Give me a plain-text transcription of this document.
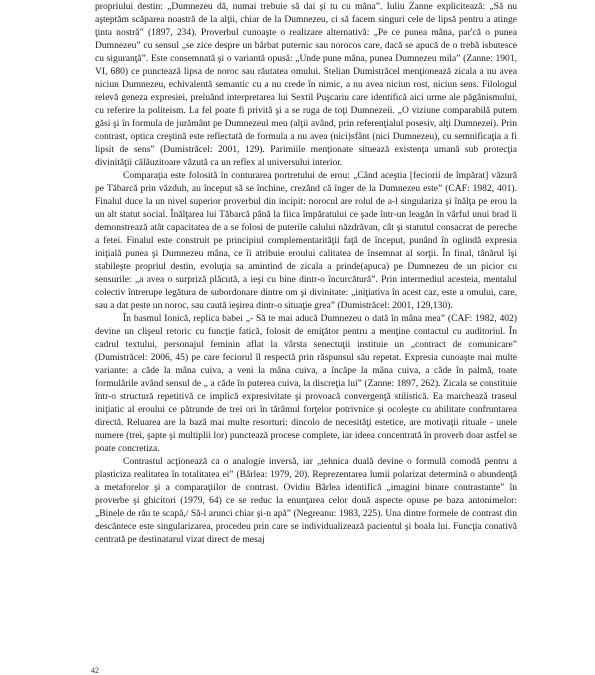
propriului destin: „Dumnezeu dă, numai trebuie să dai şi tu cu mâna”. Iuliu Zanne explicitează: „Să nu aşteptăm scăparea noastră de la alţii, chiar de la Dumnezeu, ci să facem singuri cele de lipsă pentru a atinge ţinta nostră” (1897, 234). Proverbul cunoaşte o realizare alternativă: „Pe ce punea mâna, par'că o punea Dumnezeu” cu sensul „se zice despre un bărbat puternic sau norocos care, dacă se apucă de o trebă isbutesce cu siguranţă”. Este consemnată şi o variantă opusă: „Unde pune mâna, punea Dumnezeu mila” (Zanne: 1901, VI, 680) ce punctează lipsa de noroc sau răutatea omului. Stelian Dumistrăcel menţionează zicala a nu avea niciun Dumnezeu, echivalentă semantic cu a nu crede în nimic, a nu avea niciun rost, niciun sens. Filologul relevă geneza expresiei, preluând interpretarea lui Sextil Puşcariu care identifică aici urme ale păgânismului, cu referire la politeism. La fel poate fi privită şi a se ruga de toţi Dumnezeii. „O viziune comparabilă putem găsi şi în formula de jurământ pe Dumnezeul meu (alţii având, prin referenţialul posesiv, alţi Dumnezei). Prin contrast, optica creştină este reflectată de formula a nu avea (nici)sfânt (nici Dumnezeu), cu semnificaţia a fi lipsit de sens” (Dumistrăcel: 2001, 129). Parimiile menţionate situează existenţa umană sub protecţia divinităţii călăuzitoare văzută ca un reflex al universului interior.

Comparaţia este folosită în conturarea portretului de erou: „Când aceştia [feciorii de împărat] văzură pe Tăbarcă prin văzduh, au început să se închine, crezând că înger de la Dumnezeu este” (CAF: 1982, 401). Finalul duce la un nivel superior proverbul din incipit: norocul are rolul de a-l singulariza şi înălţa pe erou la un alt statut social. Înălţarea lui Tăbarcă până la fiica împăratului ce şade într-un leagăn în vârful unui brad îi demonstrează atât capacitatea de a se folosi de puterile calului năzdrăvan, cât şi statutul consacrat de pereche a fetei. Finalul este construit pe principiul complementarităţii faţă de început, punând în oglindă expresia iniţială punea şi Dumnezeu mâna, ce îi atribuie eroului calitatea de însemnat al sorţii. În final, tânărul îşi stabileşte propriul destin, evoluţia sa amintind de zicala a prinde(apuca) pe Dumnezeu de un picior cu sensurile: „a avea o surpriză plăcută, a ieşi cu bine dintr-o încurcătură”. Prin intermediul acesteia, mentalul colectiv întrerupe legătura de subordonare dintre om şi divinitate: „iniţiativa în acest caz, este a omului, care, sau a dat peste un noroc, sau caută ieşirea dintr-o situaţie grea” (Dumistrăcel: 2001, 129,130).

În basmul Ionică, replica babei „- Să te mai aducă Dumnezeu o dată în mâna mea” (CAF: 1982, 402) devine un clişeul retoric cu funcţie fatică, folosit de emiţător pentru a menţine contactul cu auditoriul. În cadrul textului, personajul feminin aflat la vârsta senectuţii instituie un „contract de comunicare” (Dumistrăcel: 2006, 45) pe care feciorul îl respectă prin răspunsul său repetat. Expresia cunoaşte mai multe variante: a căde la mâna cuiva, a veni la mâna cuiva, a încăpe la mâna cuiva, a căde în palmă, toate formulările având sensul de „ a căde în puterea cuiva, la discreţia lui” (Zanne: 1897, 262). Zicala se constituie într-o structură repetitivă ce implică expresivitate şi provoacă convergenţă stilistică. Ea marchează traseul iniţiatic al eroului ce pătrunde de trei ori în tărâmul forţelor potrivnice şi ocoleşte cu abilitate confruntarea directă. Reluarea are la bază mai multe resorturi: dincolo de necesităţi estetice, are motivaţii rituale - unele numere (trei, şapte şi multiplii lor) punctează procese complete, iar ideea concentrată în proverb doar astfel se poate concretiza.

Contrastul acţionează ca o analogie inversă, iar „tehnica duală devine o formulă comodă pentru a plasticiza realitatea în totalitatea ei” (Bârlea: 1979, 20). Reprezentarea lumii polarizat determină o abundenţă a metaforelor şi a comparaţiilor de contrast. Ovidiu Bârlea identifică „imagini binare contrastante” în proverbe şi ghicitori (1979, 64) ce se reduc la enunţarea celor două aspecte opuse pe baza antonimelor: „Binele de rău te scapă,/ Să-l arunci chiar şi-n apă” (Negreanu: 1983, 225). Una dintre formele de contrast din descântece este singularizarea, procedeu prin care se individualizează pacientul şi boala lui. Funcţia conativă centrată pe destinatarul vizat direct de mesaj

42
